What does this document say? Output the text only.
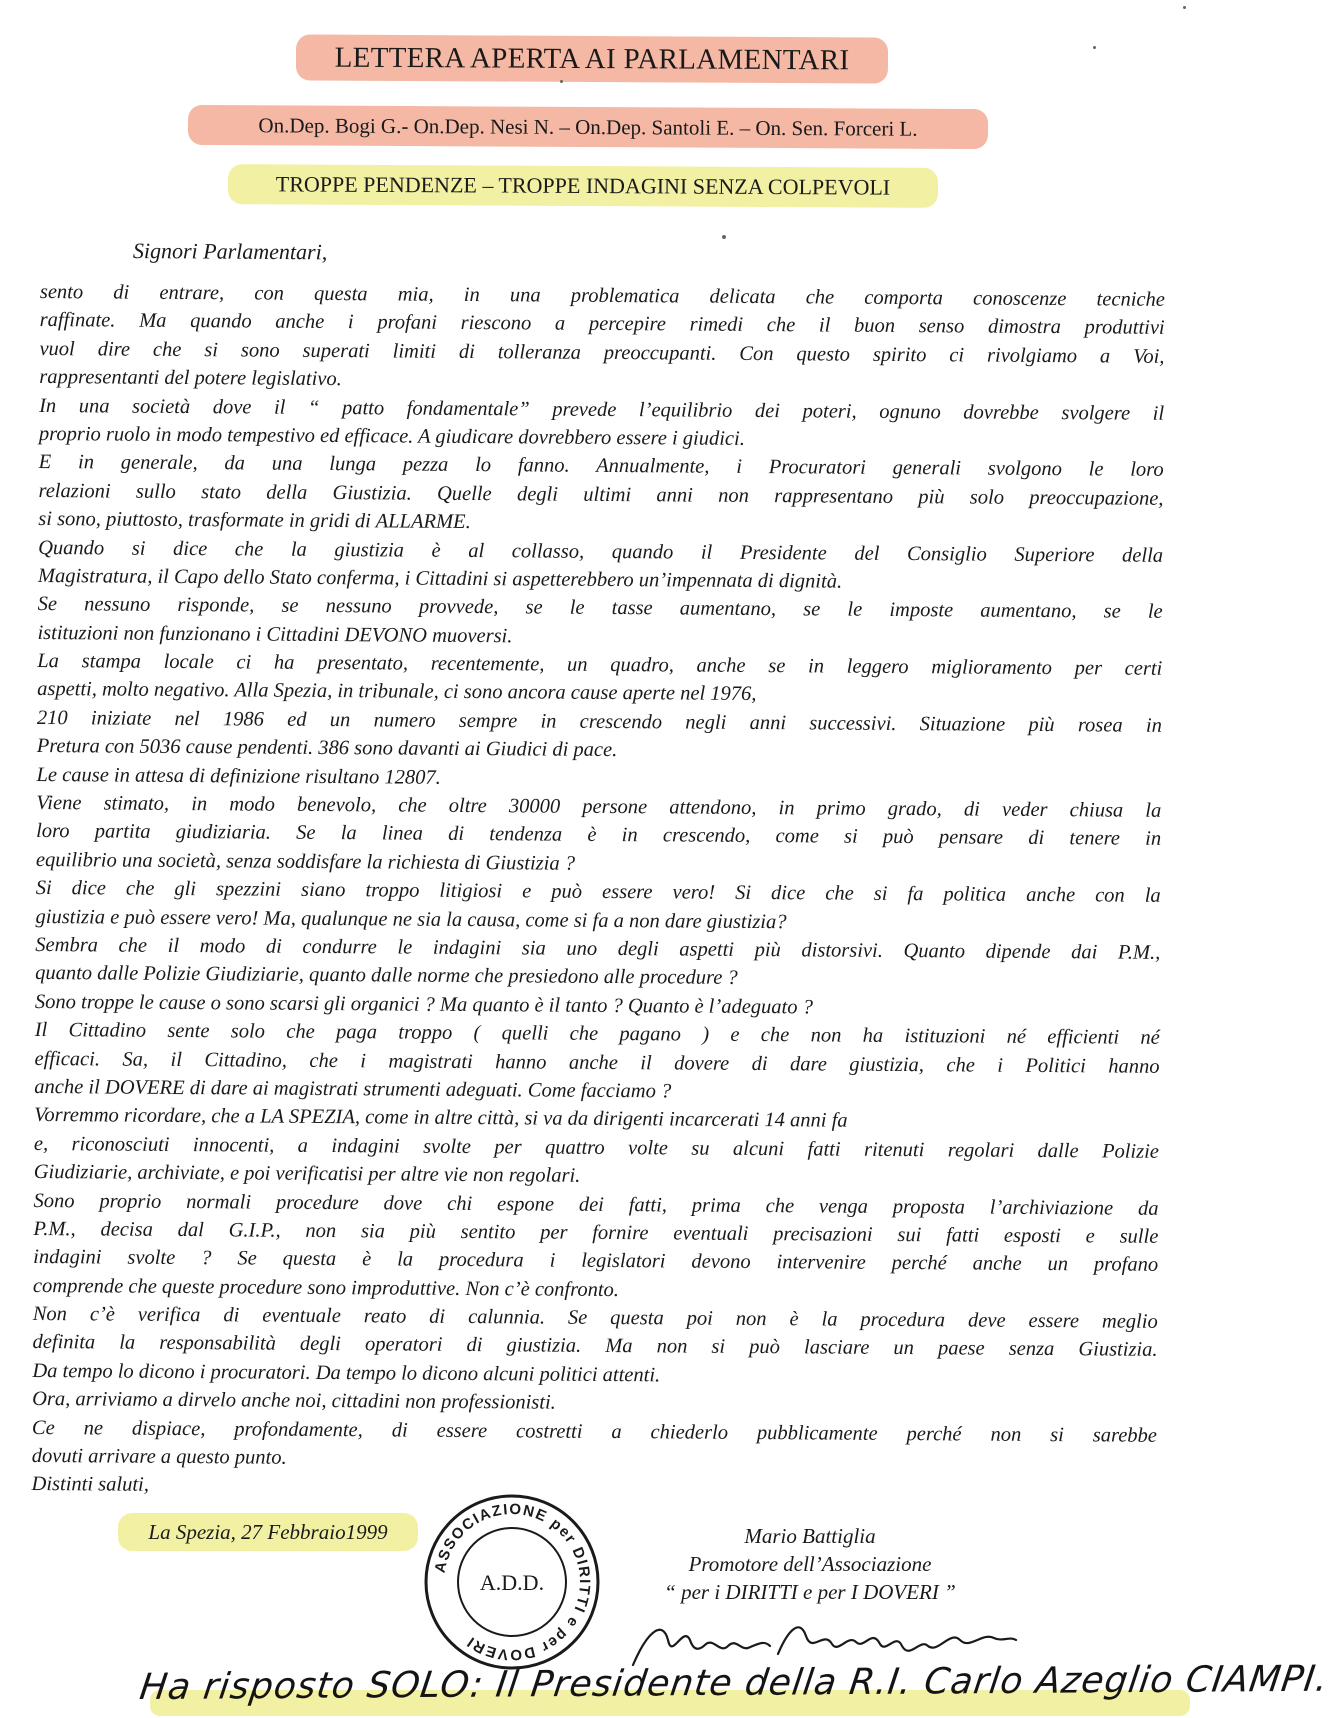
LETTERA APERTA AI PARLAMENTARI
On.Dep. Bogi G.- On.Dep. Nesi N. – On.Dep. Santoli E. – On. Sen. Forceri L.
TROPPE PENDENZE – TROPPE INDAGINI SENZA COLPEVOLI
Signori Parlamentari,
sento di entrare, con questa mia, in una problematica delicata che comporta conoscenze tecniche
raffinate. Ma quando anche i profani riescono a percepire rimedi che il buon senso dimostra produttivi
vuol dire che si sono superati limiti di tolleranza preoccupanti. Con questo spirito ci rivolgiamo a Voi,
rappresentanti del potere legislativo.
In una società dove il “ patto fondamentale” prevede l’equilibrio dei poteri, ognuno dovrebbe svolgere il
proprio ruolo in modo tempestivo ed efficace. A giudicare dovrebbero essere i giudici.
E in generale, da una lunga pezza lo fanno. Annualmente, i Procuratori generali svolgono le loro
relazioni sullo stato della Giustizia. Quelle degli ultimi anni non rappresentano più solo preoccupazione,
si sono, piuttosto, trasformate in gridi di ALLARME.
Quando si dice che la giustizia è al collasso, quando il Presidente del Consiglio Superiore della
Magistratura, il Capo dello Stato conferma, i Cittadini si aspetterebbero un’impennata di dignità.
Se nessuno risponde, se nessuno provvede, se le tasse aumentano, se le imposte aumentano, se le
istituzioni non funzionano i Cittadini DEVONO muoversi.
La stampa locale ci ha presentato, recentemente, un quadro, anche se in leggero miglioramento per certi
aspetti, molto negativo. Alla Spezia, in tribunale, ci sono ancora cause aperte nel 1976,
210 iniziate nel 1986 ed un numero sempre in crescendo negli anni successivi. Situazione più rosea in
Pretura con 5036 cause pendenti. 386 sono davanti ai Giudici di pace.
Le cause in attesa di definizione risultano 12807.
Viene stimato, in modo benevolo, che oltre 30000 persone attendono, in primo grado, di veder chiusa la
loro partita giudiziaria. Se la linea di tendenza è in crescendo, come si può pensare di tenere in
equilibrio una società, senza soddisfare la richiesta di Giustizia ?
Si dice che gli spezzini siano troppo litigiosi e può essere vero! Si dice che si fa politica anche con la
giustizia e può essere vero! Ma, qualunque ne sia la causa, come si fa a non dare giustizia?
Sembra che il modo di condurre le indagini sia uno degli aspetti più distorsivi. Quanto dipende dai P.M.,
quanto dalle Polizie Giudiziarie, quanto dalle norme che presiedono alle procedure ?
Sono troppe le cause o sono scarsi gli organici ? Ma quanto è il tanto ? Quanto è l’adeguato ?
Il Cittadino sente solo che paga troppo ( quelli che pagano ) e che non ha istituzioni né efficienti né
efficaci. Sa, il Cittadino, che i magistrati hanno anche il dovere di dare giustizia, che i Politici hanno
anche il DOVERE di dare ai magistrati strumenti adeguati. Come facciamo ?
Vorremmo ricordare, che a LA SPEZIA, come in altre città, si va da dirigenti incarcerati 14 anni fa
e, riconosciuti innocenti, a indagini svolte per quattro volte su alcuni fatti ritenuti regolari dalle Polizie
Giudiziarie, archiviate, e poi verificatisi per altre vie non regolari.
Sono proprio normali procedure dove chi espone dei fatti, prima che venga proposta l’archiviazione da
P.M., decisa dal G.I.P., non sia più sentito per fornire eventuali precisazioni sui fatti esposti e sulle
indagini svolte ? Se questa è la procedura i legislatori devono intervenire perché anche un profano
comprende che queste procedure sono improduttive. Non c’è confronto.
Non c’è verifica di eventuale reato di calunnia. Se questa poi non è la procedura deve essere meglio
definita la responsabilità degli operatori di giustizia. Ma non si può lasciare un paese senza Giustizia.
Da tempo lo dicono i procuratori. Da tempo lo dicono alcuni politici attenti.
Ora, arriviamo a dirvelo anche noi, cittadini non professionisti.
Ce ne dispiace, profondamente, di essere costretti a chiederlo pubblicamente perché non si sarebbe
dovuti arrivare a questo punto.
Distinti saluti,
La Spezia, 27 Febbraio1999
ASSOCIAZIONE per DIRITTI e per DOVERI
A.D.D.
Mario Battiglia
Promotore dell’Associazione
“ per i DIRITTI e per I DOVERI ”
Ha risposto SOLO: Il Presidente della R.I. Carlo Azeglio CIAMPI.
